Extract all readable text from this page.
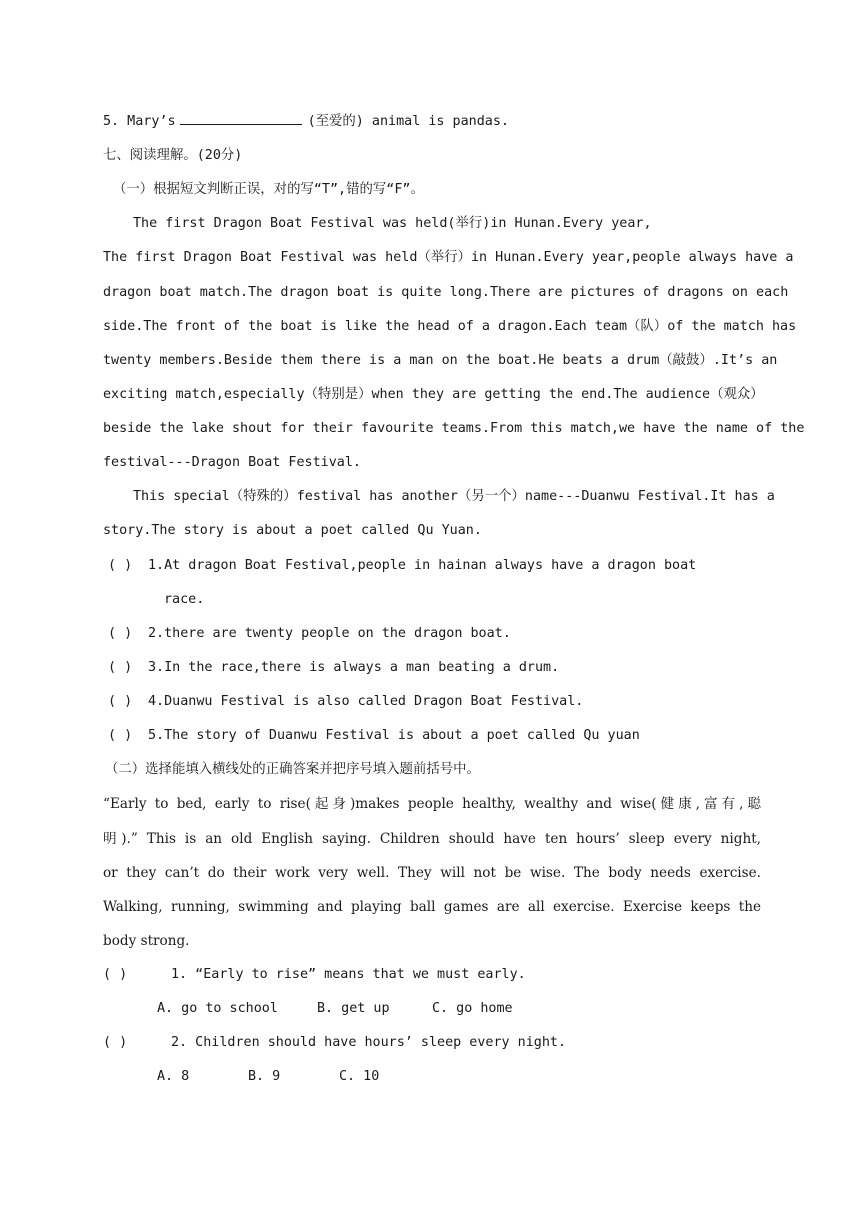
5. Mary’s	(至爱的) animal is pandas.
七、阅读理解。(20分)
（一）根据短文判断正误，对的写“T”,错的写“F”。
The first Dragon Boat Festival was held(举行)in Hunan.Every year,
The first Dragon Boat Festival was held（举行）in Hunan.Every year,people always have a
dragon boat match.The dragon boat is quite long.There are pictures of dragons on each
side.The front of the boat is like the head of a dragon.Each team（队）of the match has
twenty members.Beside them there is a man on the boat.He beats a drum（敲鼓）.It’s an
exciting match,especially（特别是）when they are getting the end.The audience（观众）
beside the lake shout for their favourite teams.From this match,we have the name of the
festival---Dragon Boat Festival.
This special（特殊的）festival has another（另一个）name---Duanwu Festival.It has a
story.The story is about a poet called Qu Yuan.
( ) 1.At dragon Boat Festival,people in hainan always have a dragon boat
race.
( ) 2.there are twenty people on the dragon boat.
( ) 3.In the race,there is always a man beating a drum.
( ) 4.Duanwu Festival is also called Dragon Boat Festival.
( ) 5.The story of Duanwu Festival is about a poet called Qu yuan
（二）选择能填入横线处的正确答案并把序号填入题前括号中。
“Early to bed, early to rise(起身)makes people healthy, wealthy and wise(健康,富有,聪
明).” This is an old English saying. Children should have ten hours’ sleep every night,
or they can’t do their work very well. They will not be wise. The body needs exercise.
Walking, running, swimming and playing ball games are all exercise. Exercise keeps the
body strong.
( )	1. “Early to rise” means that we must early.
A. go to school	B. get up	C. go home
( )	2. Children should have hours’ sleep every night.
A. 8	B. 9	C. 10
